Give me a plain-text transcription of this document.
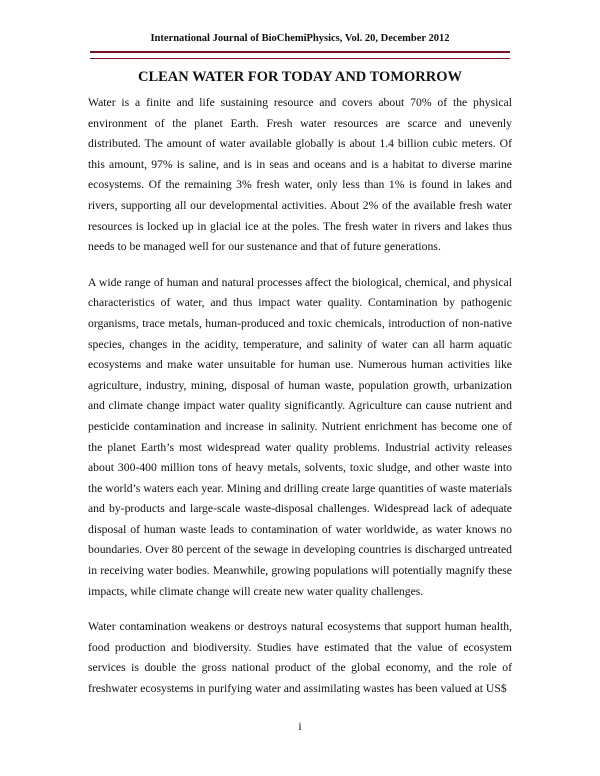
International Journal of BioChemiPhysics, Vol. 20, December 2012
CLEAN WATER FOR TODAY AND TOMORROW

Water is a finite and life sustaining resource and covers about 70% of the physical environment of the planet Earth. Fresh water resources are scarce and unevenly distributed. The amount of water available globally is about 1.4 billion cubic meters. Of this amount, 97% is saline, and is in seas and oceans and is a habitat to diverse marine ecosystems. Of the remaining 3% fresh water, only less than 1% is found in lakes and rivers, supporting all our developmental activities. About 2% of the available fresh water resources is locked up in glacial ice at the poles. The fresh water in rivers and lakes thus needs to be managed well for our sustenance and that of future generations.

A wide range of human and natural processes affect the biological, chemical, and physical characteristics of water, and thus impact water quality. Contamination by pathogenic organisms, trace metals, human-produced and toxic chemicals, introduction of non-native species, changes in the acidity, temperature, and salinity of water can all harm aquatic ecosystems and make water unsuitable for human use. Numerous human activities like agriculture, industry, mining, disposal of human waste, population growth, urbanization and climate change impact water quality significantly. Agriculture can cause nutrient and pesticide contamination and increase in salinity. Nutrient enrichment has become one of the planet Earth’s most widespread water quality problems. Industrial activity releases about 300-400 million tons of heavy metals, solvents, toxic sludge, and other waste into the world’s waters each year. Mining and drilling create large quantities of waste materials and by-products and large-scale waste-disposal challenges. Widespread lack of adequate disposal of human waste leads to contamination of water worldwide, as water knows no boundaries. Over 80 percent of the sewage in developing countries is discharged untreated in receiving water bodies. Meanwhile, growing populations will potentially magnify these impacts, while climate change will create new water quality challenges.

Water contamination weakens or destroys natural ecosystems that support human health, food production and biodiversity. Studies have estimated that the value of ecosystem services is double the gross national product of the global economy, and the role of freshwater ecosystems in purifying water and assimilating wastes has been valued at US$

i
